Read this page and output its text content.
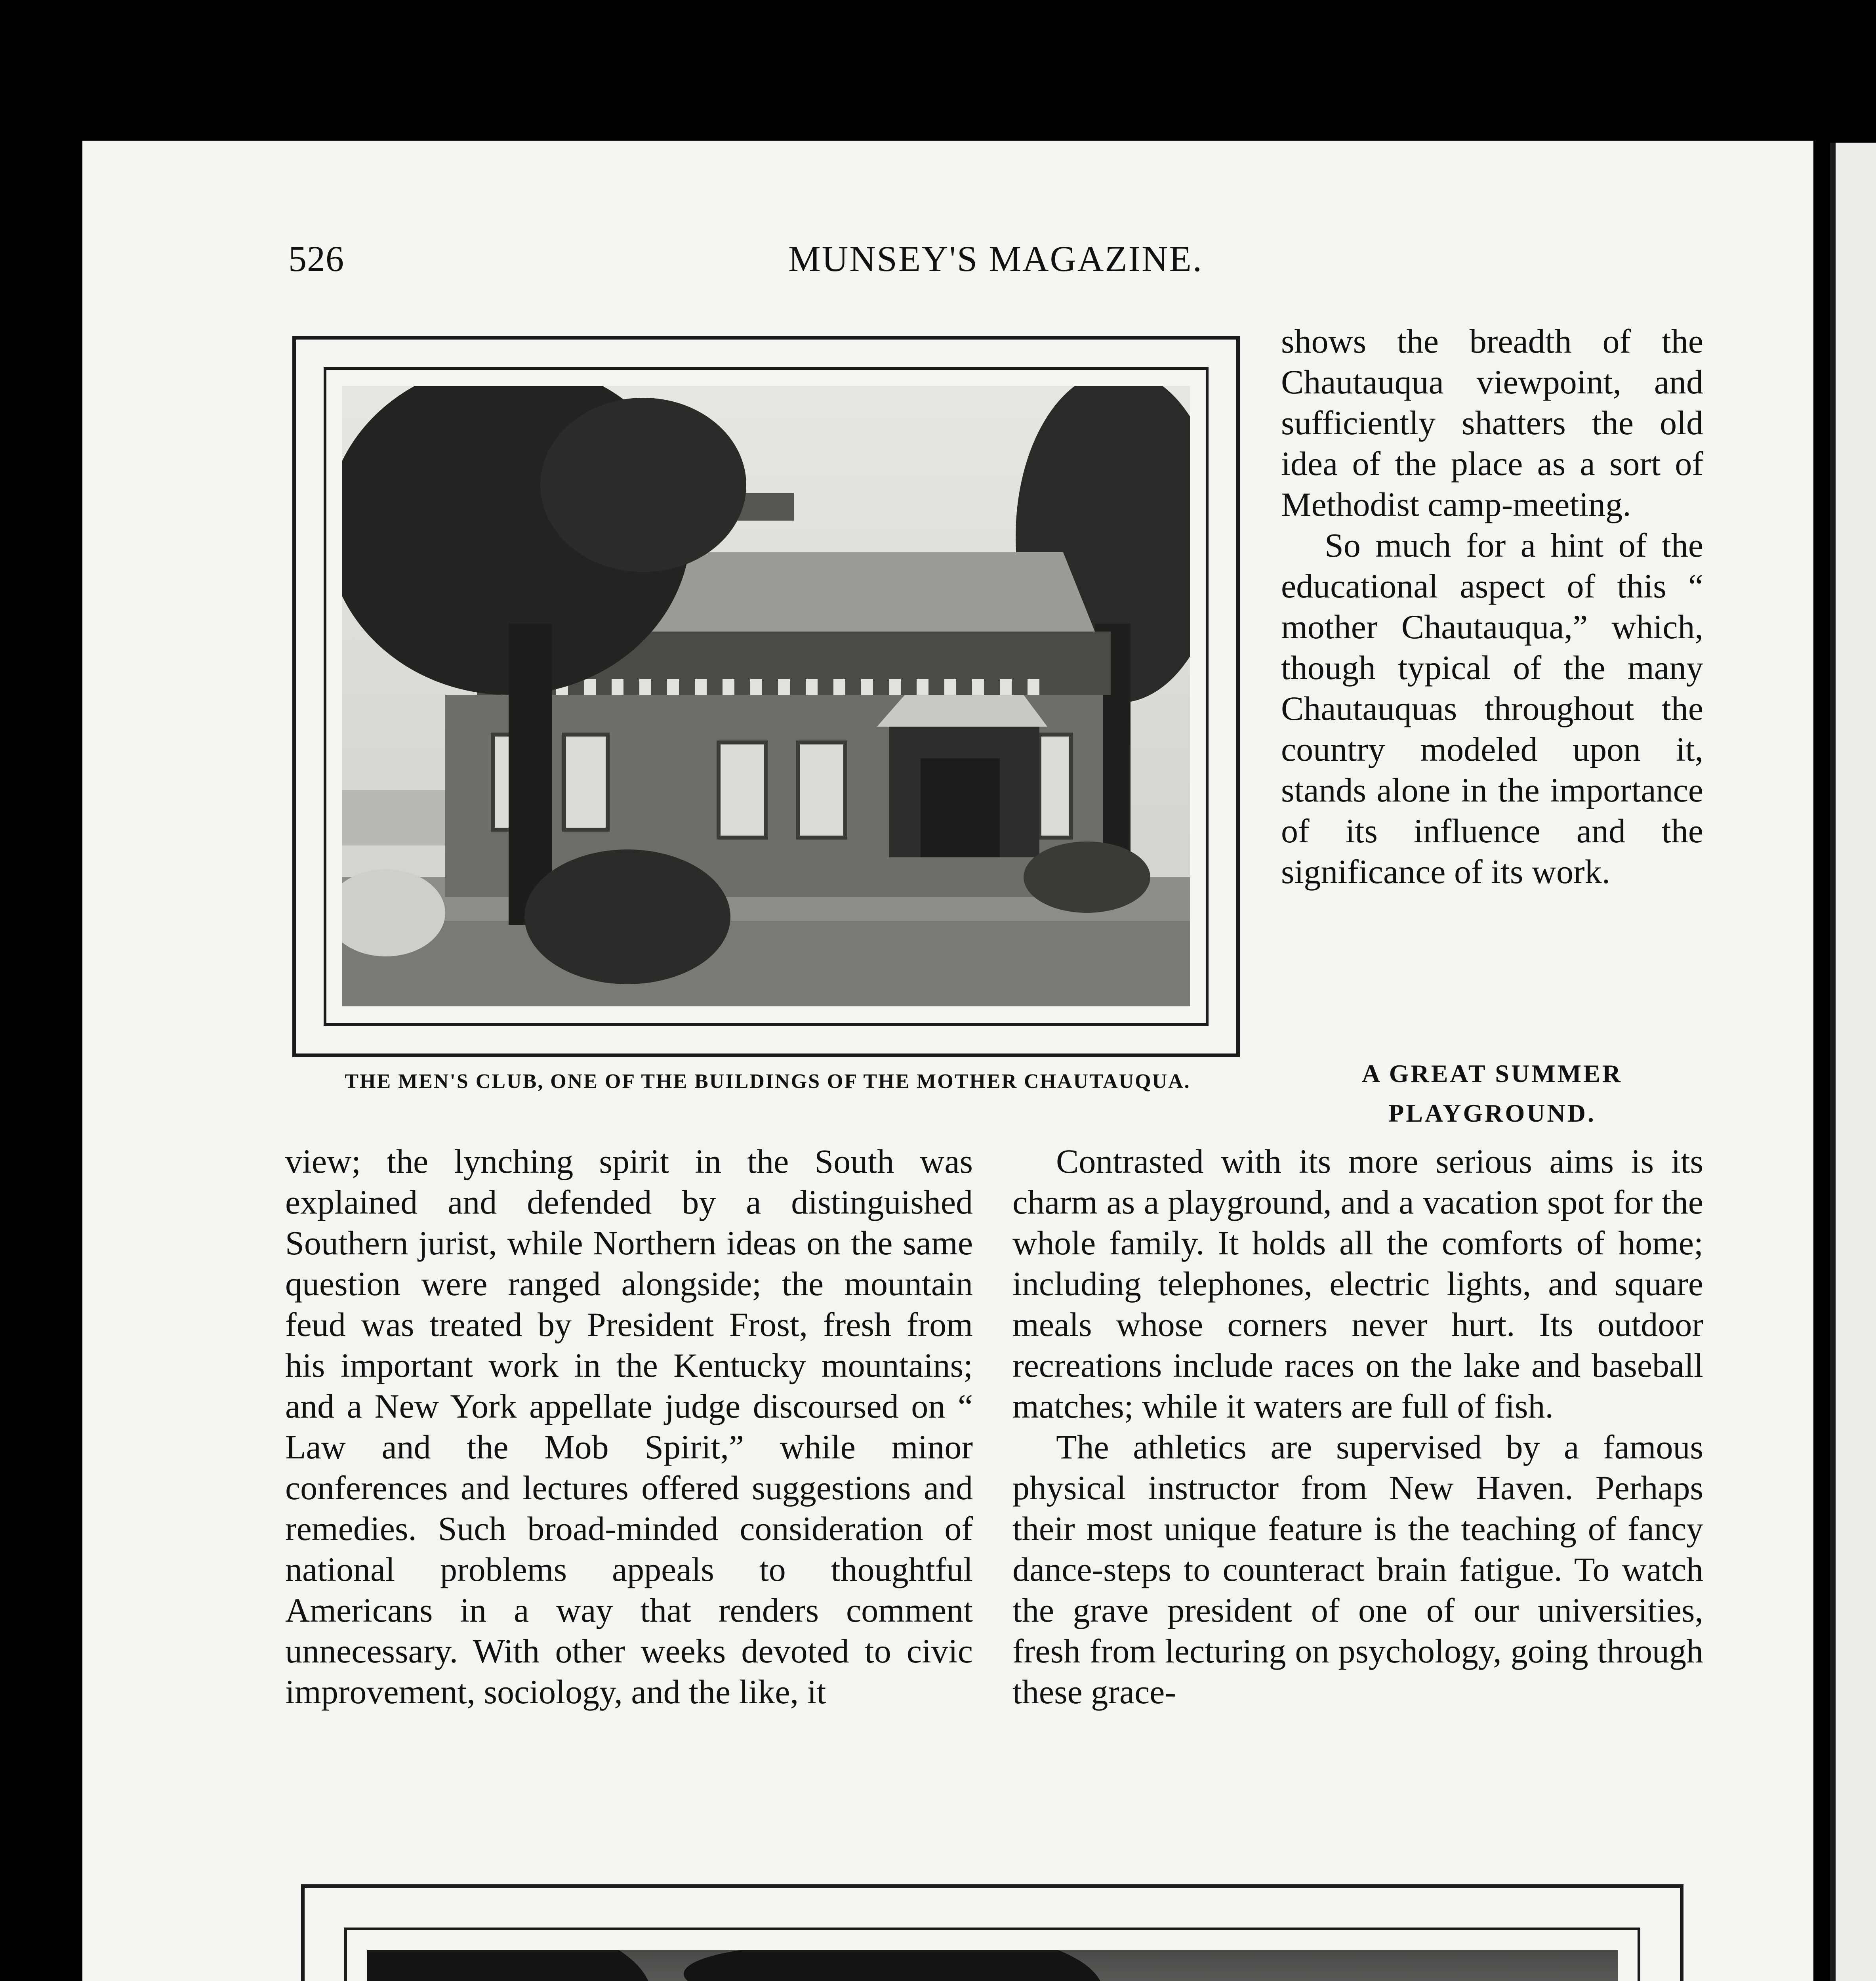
526	MUNSEY'S MAGAZINE.
THE MEN'S CLUB, ONE OF THE BUILDINGS OF THE MOTHER CHAUTAUQUA.

shows the breadth of the Chautauqua viewpoint, and sufficiently shatters the old idea of the place as a sort of Methodist camp-meeting.

So much for a hint of the educational aspect of this “ mother Chautauqua,” which, though typical of the many Chautauquas throughout the country modeled upon it, stands alone in the importance of its influence and the significance of its work.

A GREAT SUMMER PLAYGROUND.

view; the lynching spirit in the South was explained and defended by a distinguished Southern jurist, while Northern ideas on the same question were ranged alongside; the mountain feud was treated by President Frost, fresh from his important work in the Kentucky mountains; and a New York appellate judge discoursed on “ Law and the Mob Spirit,” while minor conferences and lectures offered suggestions and remedies. Such broad-minded consideration of national problems appeals to thoughtful Americans in a way that renders comment unnecessary. With other weeks devoted to civic improvement, sociology, and the like, it

Contrasted with its more serious aims is its charm as a playground, and a vacation spot for the whole family. It holds all the comforts of home; including telephones, electric lights, and square meals whose corners never hurt. Its outdoor recreations include races on the lake and baseball matches; while it waters are full of fish.

The athletics are supervised by a famous physical instructor from New Haven. Perhaps their most unique feature is the teaching of fancy dance-steps to counteract brain fatigue. To watch the grave president of one of our universities, fresh from lecturing on psychology, going through these grace-
